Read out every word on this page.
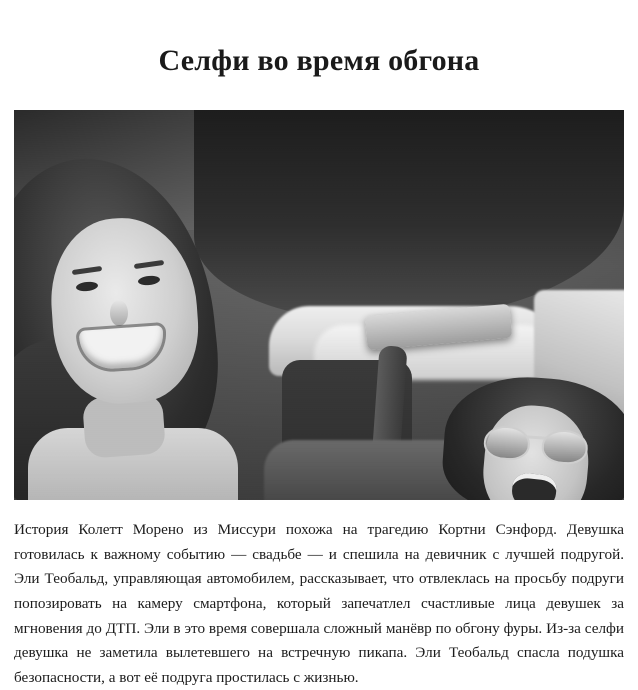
Селфи во время обгона

История Колетт Морено из Миссури похожа на трагедию Кортни Сэнфорд. Девушка готовилась к важному событию — свадьбе — и спешила на девичник с лучшей подругой. Эли Теобальд, управляющая автомобилем, рассказывает, что отвлеклась на просьбу подруги попозировать на камеру смартфона, который запечатлел счастливые лица девушек за мгновения до ДТП. Эли в это время совершала сложный манёвр по обгону фуры. Из-за селфи девушка не заметила вылетевшего на встречную пикапа. Эли Теобальд спасла подушка безопасности, а вот её подруга простилась с жизнью.
